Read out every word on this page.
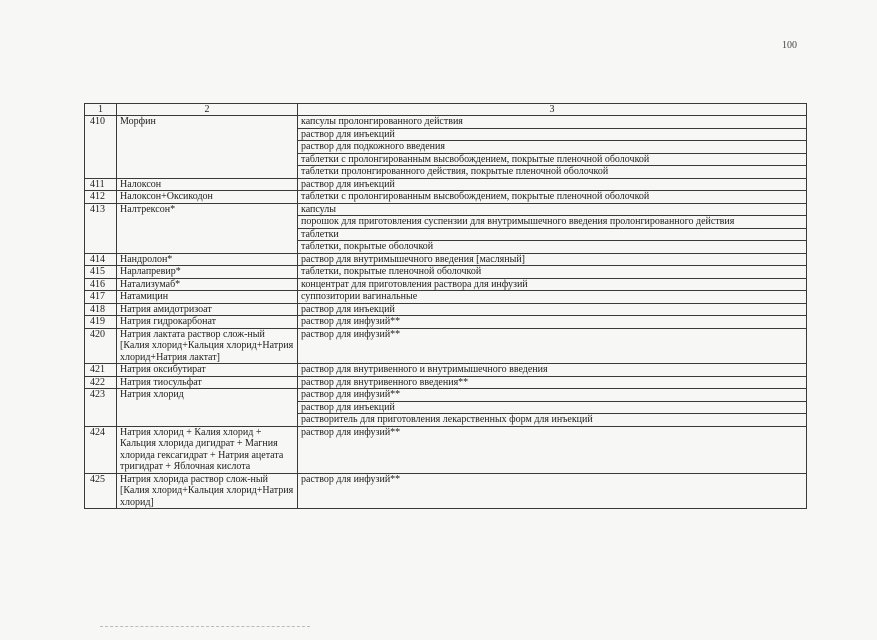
100
1	2	3
410	Морфин	капсулы пролонгированного действия
		раствор для инъекций
		раствор для подкожного введения
		таблетки с пролонгированным высвобождением, покрытые пленочной оболочкой
		таблетки пролонгированного действия, покрытые пленочной оболочкой
411	Налоксон	раствор для инъекций
412	Налоксон+Оксикодон	таблетки с пролонгированным высвобождением, покрытые пленочной оболочкой
413	Налтрексон*	капсулы
		порошок для приготовления суспензии для внутримышечного введения пролонгированного действия
		таблетки
		таблетки, покрытые оболочкой
414	Нандролон*	раствор для внутримышечного введения [масляный]
415	Нарлапревир*	таблетки, покрытые пленочной оболочкой
416	Натализумаб*	концентрат для приготовления раствора для инфузий
417	Натамицин	суппозитории вагинальные
418	Натрия амидотризоат	раствор для инъекций
419	Натрия гидрокарбонат	раствор для инфузий**
420	Натрия лактата раствор слож-ный [Калия хлорид+Кальция хлорид+Натрия хлорид+Натрия лактат]	раствор для инфузий**
421	Натрия оксибутират	раствор для внутривенного и внутримышечного введения
422	Натрия тиосульфат	раствор для внутривенного введения**
423	Натрия хлорид	раствор для инфузий**
		раствор для инъекций
		растворитель для приготовления лекарственных форм для инъекций
424	Натрия хлорид + Калия хлорид + Кальция хлорида дигидрат + Магния хлорида гексагидрат + Натрия ацетата тригидрат + Яблочная кислота	раствор для инфузий**
425	Натрия хлорида раствор слож-ный [Калия хлорид+Кальция хлорид+Натрия хлорид]	раствор для инфузий**
